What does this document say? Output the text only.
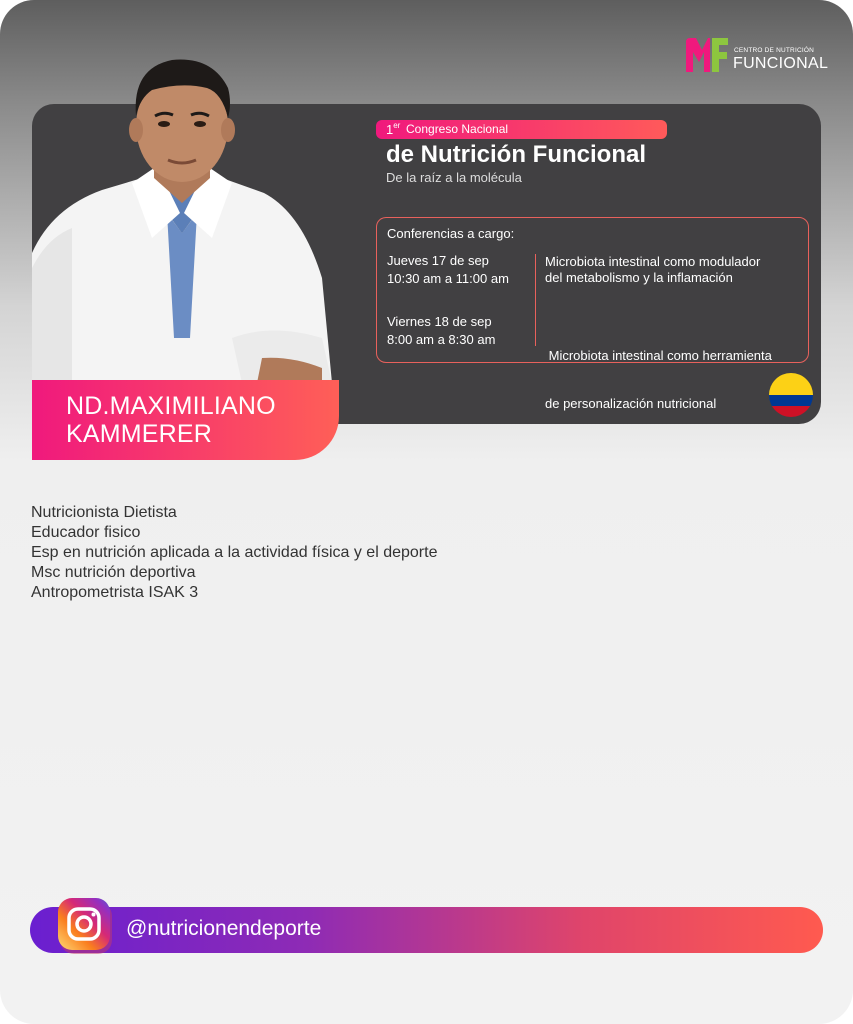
CENTRO DE NUTRICIÓN
FUNCIONAL
ND.MAXIMILIANO
KAMMERER
1er Congreso Nacional
de Nutrición Funcional
De la raíz a la molécula
Conferencias a cargo:
Jueves 17 de sep
10:30 am a 11:00 am
Microbiota intestinal como modulador
del metabolismo y la inflamación
Viernes 18 de sep
8:00 am a 8:30 am

Microbiota intestinal como herramienta

de personalización nutricional

Nutricionista Dietista
Educador fisico
Esp en nutrición aplicada a la actividad física y el deporte
Msc nutrición deportiva
Antropometrista ISAK 3
@nutricionendeporte
